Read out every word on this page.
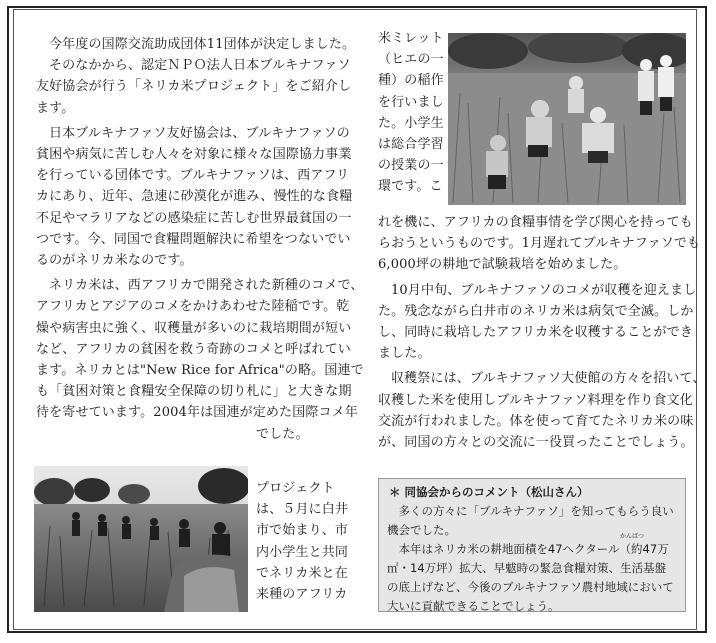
今年度の国際交流助成団体11団体が決定しました。
そのなかから、認定ＮＰＯ法人日本ブルキナファソ
友好協会が行う「ネリカ米プロジェクト」をご紹介し
ます。

日本ブルキナファソ友好協会は、ブルキナファソの
貧困や病気に苦しむ人々を対象に様々な国際協力事業
を行っている団体です。ブルキナファソは、西アフリ
カにあり、近年、急速に砂漠化が進み、慢性的な食糧
不足やマラリアなどの感染症に苦しむ世界最貧国の一
つです。今、同国で食糧問題解決に希望をつないでい
るのがネリカ米なのです。

ネリカ米は、西アフリカで開発された新種のコメで、
アフリカとアジアのコメをかけあわせた陸稲です。乾
燥や病害虫に強く、収穫量が多いのに栽培期間が短い
など、アフリカの貧困を救う奇跡のコメと呼ばれてい
ます。ネリカとは"New Rice for Africa"の略。国連で
も「貧困対策と食糧安全保障の切り札に」と大きな期
待を寄せています。2004年は国連が定めた国際コメ年
でした。

プロジェクト
は、５月に白井
市で始まり、市
内小学生と共同
でネリカ米と在
来種のアフリカ
米ミレット
（ヒエの一
種）の稲作
を行いまし
た。小学生
は総合学習
の授業の一
環です。こ

れを機に、アフリカの食糧事情を学び関心を持っても
らおうというものです。1月遅れてブルキナファソでも
6,000坪の耕地で試験栽培を始めました。

10月中旬、ブルキナファソのコメが収穫を迎えまし
た。残念ながら白井市のネリカ米は病気で全滅。しか
し、同時に栽培したアフリカ米を収穫することができ
ました。

収穫祭には、ブルキナファソ大使館の方々を招いて、
収穫した米を使用しブルキナファソ料理を作り食文化
交流が行われました。体を使って育てたネリカ米の味
が、同国の方々との交流に一役買ったことでしょう。

＊ 同協会からのコメント（松山さん）
多くの方々に「ブルキナファソ」を知ってもらう良い機会でした。	かんばつ
本年はネリカ米の耕地面積を47ヘクタール（約47万㎡・14万坪）拡大、早魃時の緊急食糧対策、生活基盤の底上げなど、今後のブルキナファソ農村地域において大いに貢献できることでしょう。
